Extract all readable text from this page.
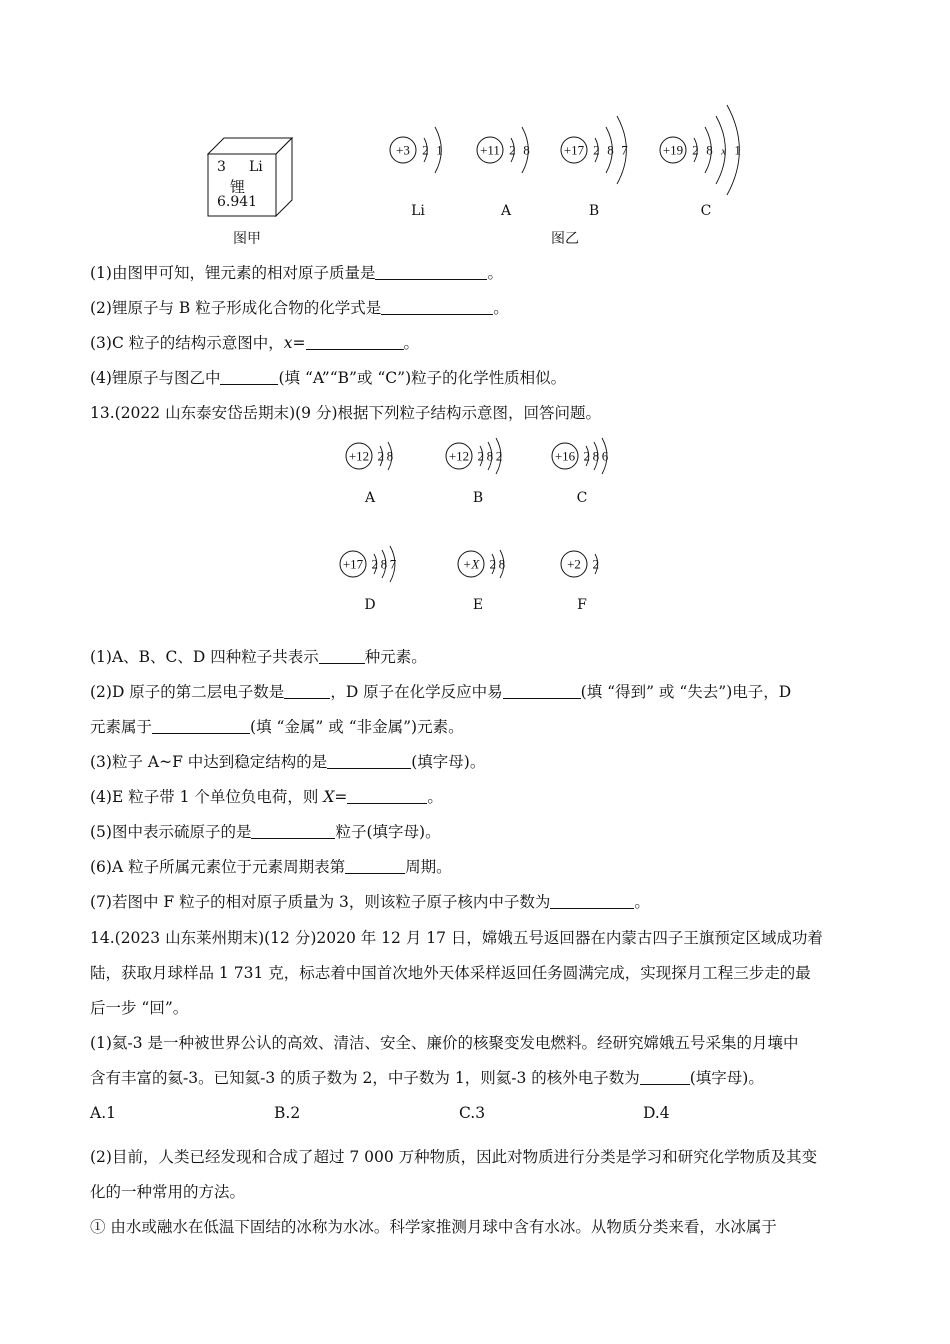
3 Li
锂
6.941
图甲
+3 2 1
Li
+11 2 8
A
+17 2 8 7
B
+19 2 8 x 1
C
图乙
(1)由图甲可知，锂元素的相对原子质量是	。
(2)锂原子与 B 粒子形成化合物的化学式是	。
(3)C 粒子的结构示意图中，x=	。
(4)锂原子与图乙中	(填 “A”“B”或 “C”)粒子的化学性质相似。
13.(2022 山东泰安岱岳期末)(9 分)根据下列粒子结构示意图，回答问题。
+12 2 8
A
+12 2 8 2
B
+16 2 8 6
C
+17 2 8 7
D
+X 2 8
E
+2 2
F
(1)A、B、C、D 四种粒子共表示	种元素。
(2)D 原子的第二层电子数是	，D 原子在化学反应中易	(填 “得到” 或 “失去”)电子，D
元素属于	(填 “金属” 或 “非金属”)元素。
(3)粒子 A~F 中达到稳定结构的是	(填字母)。
(4)E 粒子带 1 个单位负电荷，则 X=	。
(5)图中表示硫原子的是	粒子(填字母)。
(6)A 粒子所属元素位于元素周期表第	周期。
(7)若图中 F 粒子的相对原子质量为 3，则该粒子原子核内中子数为	。
14.(2023 山东莱州期末)(12 分)2020 年 12 月 17 日，嫦娥五号返回器在内蒙古四子王旗预定区域成功着
陆，获取月球样品 1 731 克，标志着中国首次地外天体采样返回任务圆满完成，实现探月工程三步走的最
后一步 “回”。
(1)氦-3 是一种被世界公认的高效、清洁、安全、廉价的核聚变发电燃料。经研究嫦娥五号采集的月壤中
含有丰富的氦-3。已知氦-3 的质子数为 2，中子数为 1，则氦-3 的核外电子数为	(填字母)。
A.1	B.2	C.3	D.4
(2)目前，人类已经发现和合成了超过 7 000 万种物质，因此对物质进行分类是学习和研究化学物质及其变
化的一种常用的方法。
① 由水或融水在低温下固结的冰称为水冰。科学家推测月球中含有水冰。从物质分类来看，水冰属于
